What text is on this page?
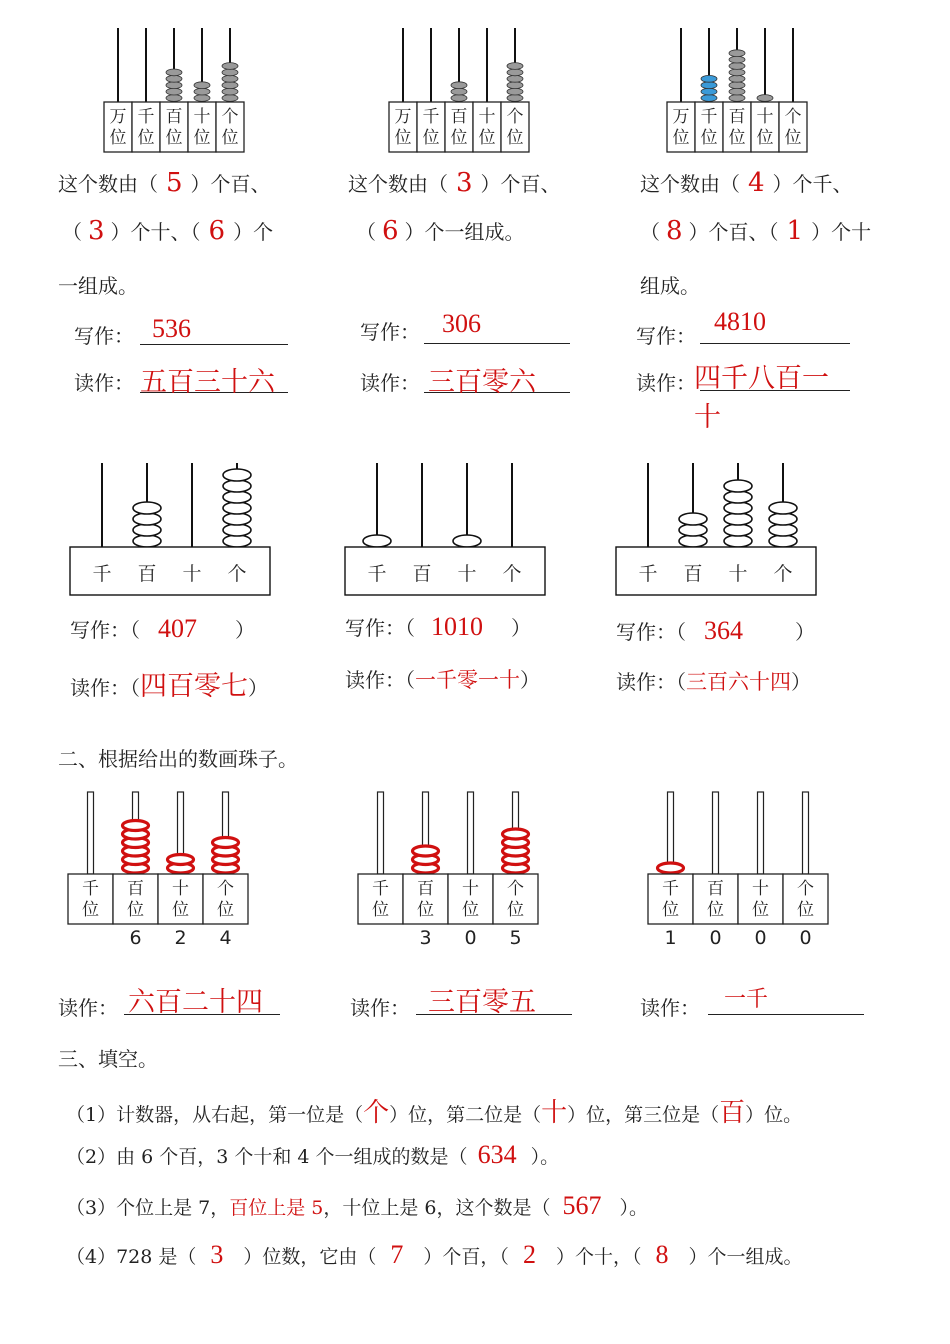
万
位
千
位
百
位
十
位
个
位
万
位
千
位
百
位
十
位
个
位
万
位
千
位
百
位
十
位
个
位
这个数由（ 5 ）个百、
（ 3 ）个十、（ 6 ）个
一组成。
这个数由（ 3 ）个百、
（ 6 ）个一组成。
这个数由（ 4 ）个千、
（ 8 ）个百、（ 1 ）个十
组成。
写作： 536
读作： 五百三十六
写作： 306
读作： 三百零六
写作： 4810
读作：
四千八百一十
千 百 十 个	千 百 十 个	千 百 十 个
写作：（ 407 ）
读作：（四百零七）
写作：（ 1010 ）
读作：（一千零一十）
写作：（ 364	）
读作：（三百六十四）
二、根据给出的数画珠子。
千
位
百
位
十
位
个
位
6 2 4
千
位
百
位
十
位
个
位
3 0 5
千
位
百
位
十
位
个
位
1 0 0 0
读作： 六百二十四	读作： 三百零五	读作： 一千
三、填空。
（1）计数器，从右起，第一位是（个）位，第二位是（十）位，第三位是（百）位。
（2）由 6 个百，3 个十和 4 个一组成的数是（ 634 ）。
（3）个位上是 7，百位上是 5，十位上是 6，这个数是（ 567 ）。
（4）728 是（ 3 ）位数，它由（ 7 ）个百，（ 2 ）个十，（ 8 ）个一组成。
